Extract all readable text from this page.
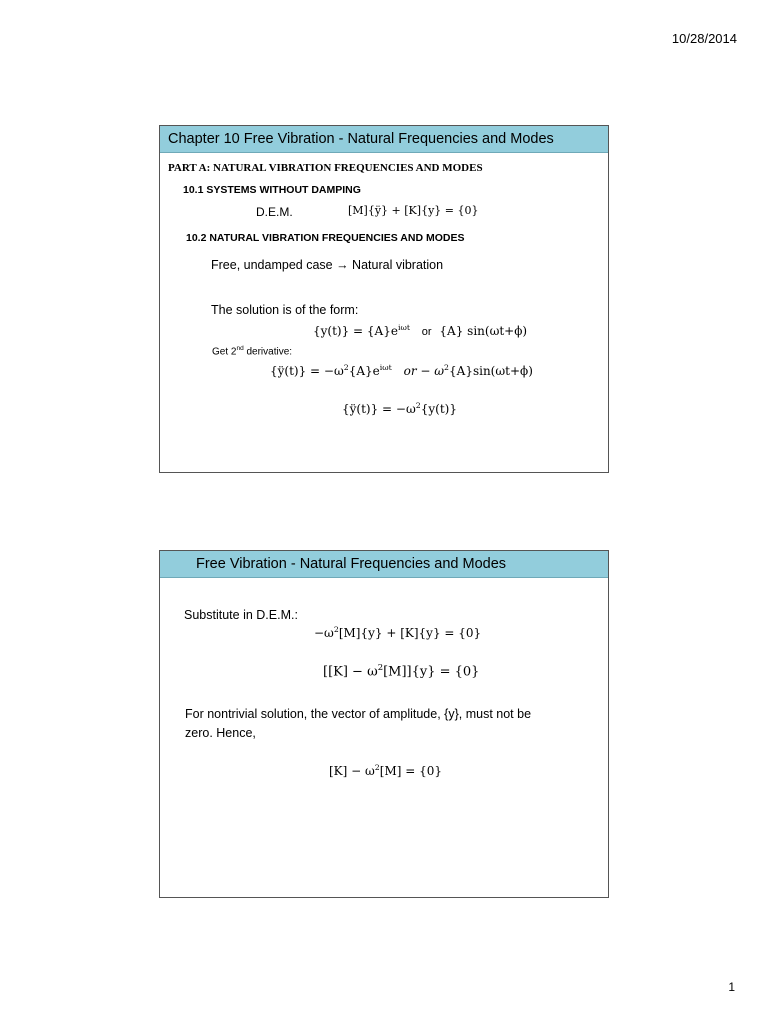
10/28/2014
Chapter 10 Free Vibration - Natural Frequencies and Modes
PART A: NATURAL VIBRATION FREQUENCIES AND MODES
10.1 SYSTEMS WITHOUT DAMPING
D.E.M.	[M]{ÿ} + [K]{y} = {0}
10.2 NATURAL VIBRATION FREQUENCIES AND MODES
Free, undamped case → Natural vibration
The solution is of the form:
$\{y(t)\} = \{A\}e^{i\omega t}$ or {A} sin(ωt+ϕ)
Get 2nd derivative:
{ÿ(t)} = $-\omega^2\{A\}e^{i\omega t}$ or − $\omega^2\{A\}\sin(\omega t+\phi)$
{ÿ(t)} = $-\omega^2\{y(t)\}$
Free Vibration - Natural Frequencies and Modes
Substitute in D.E.M.:
$-\omega^2[M]\{y\} + [K]\{y\} = \{0\}$
$[[K] - \omega^2[M]]\{y\} = \{0\}$
For nontrivial solution, the vector of amplitude, {y}, must not be
zero. Hence,
$[K] - \omega^2[M] = \{0\}$
1
